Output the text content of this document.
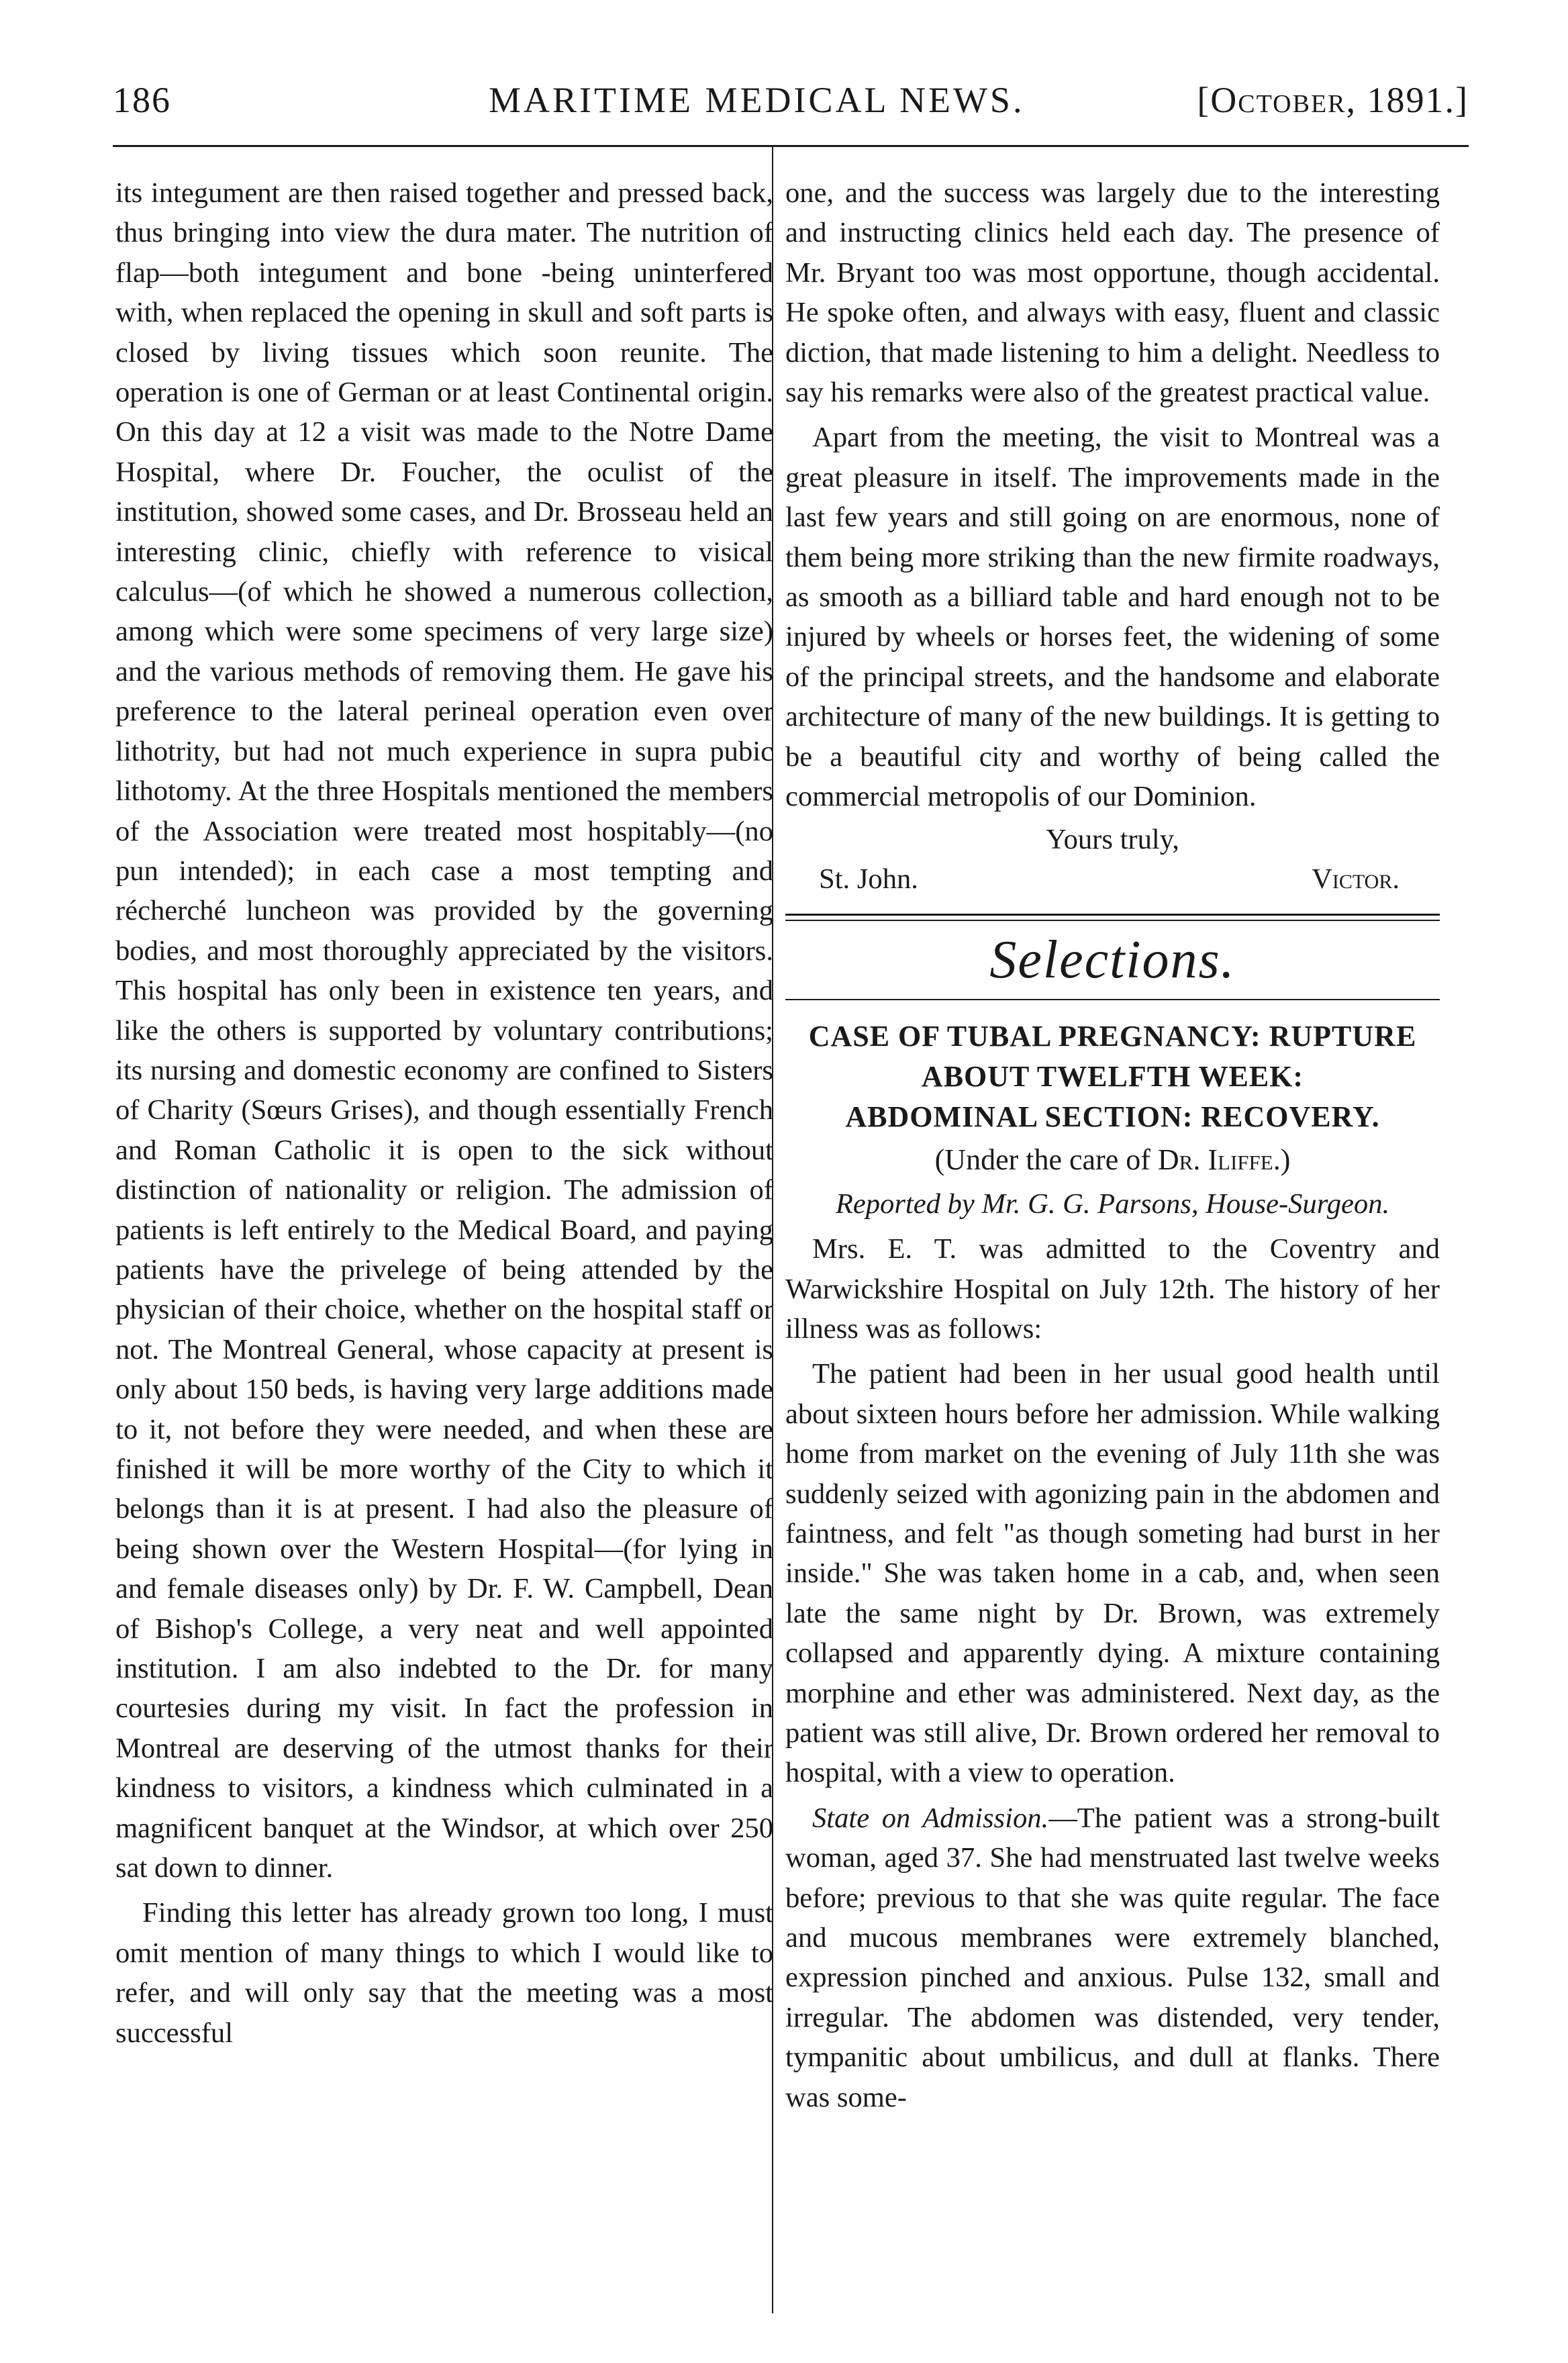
186	MARITIME MEDICAL NEWS.	[October, 1891.]

its integument are then raised together and pressed back, thus bringing into view the dura mater. The nutrition of flap—both integument and bone -being uninterfered with, when replaced the opening in skull and soft parts is closed by living tissues which soon reunite. The operation is one of German or at least Continental origin. On this day at 12 a visit was made to the Notre Dame Hospital, where Dr. Foucher, the oculist of the institution, showed some cases, and Dr. Brosseau held an interesting clinic, chiefly with reference to visical calculus—(of which he showed a numerous collection, among which were some specimens of very large size) and the various methods of removing them. He gave his preference to the lateral perineal operation even over lithotrity, but had not much experience in supra pubic lithotomy. At the three Hospitals mentioned the members of the Association were treated most hospitably—(no pun intended); in each case a most tempting and récherché luncheon was provided by the governing bodies, and most thoroughly appreciated by the visitors. This hospital has only been in existence ten years, and like the others is supported by voluntary contributions; its nursing and domestic economy are confined to Sisters of Charity (Sœurs Grises), and though essentially French and Roman Catholic it is open to the sick without distinction of nationality or religion. The admission of patients is left entirely to the Medical Board, and paying patients have the privelege of being attended by the physician of their choice, whether on the hospital staff or not. The Montreal General, whose capacity at present is only about 150 beds, is having very large additions made to it, not before they were needed, and when these are finished it will be more worthy of the City to which it belongs than it is at present. I had also the pleasure of being shown over the Western Hospital—(for lying in and female diseases only) by Dr. F. W. Campbell, Dean of Bishop's College, a very neat and well appointed institution. I am also indebted to the Dr. for many courtesies during my visit. In fact the profession in Montreal are deserving of the utmost thanks for their kindness to visitors, a kindness which culminated in a magnificent banquet at the Windsor, at which over 250 sat down to dinner.

Finding this letter has already grown too long, I must omit mention of many things to which I would like to refer, and will only say that the meeting was a most successful

one, and the success was largely due to the interesting and instructing clinics held each day. The presence of Mr. Bryant too was most opportune, though accidental. He spoke often, and always with easy, fluent and classic diction, that made listening to him a delight. Needless to say his remarks were also of the greatest practical value.

Apart from the meeting, the visit to Montreal was a great pleasure in itself. The improvements made in the last few years and still going on are enormous, none of them being more striking than the new firmite roadways, as smooth as a billiard table and hard enough not to be injured by wheels or horses feet, the widening of some of the principal streets, and the handsome and elaborate architecture of many of the new buildings. It is getting to be a beautiful city and worthy of being called the commercial metropolis of our Dominion.

Yours truly,
St. John.	Victor.
Selections.
CASE OF TUBAL PREGNANCY: RUPTURE
ABOUT TWELFTH WEEK:
ABDOMINAL SECTION: RECOVERY.
(Under the care of Dr. Iliffe.)
Reported by Mr. G. G. Parsons, House-Surgeon.

Mrs. E. T. was admitted to the Coventry and Warwickshire Hospital on July 12th. The history of her illness was as follows:

The patient had been in her usual good health until about sixteen hours before her admission. While walking home from market on the evening of July 11th she was suddenly seized with agonizing pain in the abdomen and faintness, and felt "as though someting had burst in her inside." She was taken home in a cab, and, when seen late the same night by Dr. Brown, was extremely collapsed and apparently dying. A mixture containing morphine and ether was administered. Next day, as the patient was still alive, Dr. Brown ordered her removal to hospital, with a view to operation.

State on Admission.—The patient was a strong-built woman, aged 37. She had menstruated last twelve weeks before; previous to that she was quite regular. The face and mucous membranes were extremely blanched, expression pinched and anxious. Pulse 132, small and irregular. The abdomen was distended, very tender, tympanitic about umbilicus, and dull at flanks. There was some-
